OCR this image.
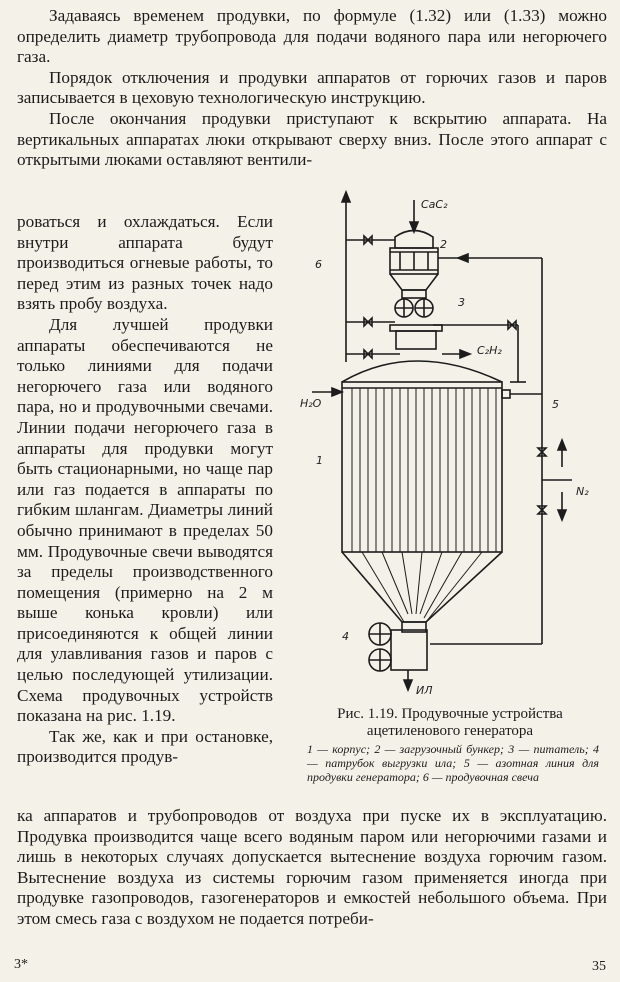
Задаваясь временем продувки, по формуле (1.32) или (1.33) можно определить диаметр трубопровода для подачи водяного пара или негорючего газа.

Порядок отключения и продувки аппаратов от горючих газов и паров записывается в цеховую технологическую инструкцию.

После окончания продувки приступают к вскрытию аппарата. На вертикальных аппаратах люки открывают сверху вниз. После этого аппарат с открытыми люками оставляют вентили-

роваться и охлаждаться. Если внутри аппарата будут производиться огневые работы, то перед этим из разных точек надо взять пробу воздуха.

Для лучшей продувки аппараты обеспечиваются не только линиями для подачи негорючего газа или водяного пара, но и продувочными свечами. Линии подачи негорючего газа в аппараты для продувки могут быть стационарными, но чаще пар или газ подается в аппараты по гибким шлангам. Диаметры линий обычно принимают в пределах 50 мм. Продувочные свечи выводятся за пределы производственного помещения (примерно на 2 м выше конька кровли) или присоединяются к общей линии для улавливания газов и паров с целью последующей утилизации. Схема продувочных устройств показана на рис. 1.19.

Так же, как и при остановке, производится продув-

CaC₂
2
3
6
C₂H₂
H₂O	5
1
N₂
4
ИЛ
Рис. 1.19. Продувочные устройства ацетиленового генератора
1 — корпус; 2 — загрузочный бункер; 3 — питатель; 4 — патрубок выгрузки ила; 5 — азотная линия для продувки генератора; 6 — продувочная свеча

ка аппаратов и трубопроводов от воздуха при пуске их в эксплуатацию. Продувка производится чаще всего водяным паром или негорючими газами и лишь в некоторых случаях допускается вытеснение воздуха горючим газом. Вытеснение воздуха из системы горючим газом применяется иногда при продувке газопроводов, газогенераторов и емкостей небольшого объема. При этом смесь газа с воздухом не подается потреби-

3*	35
